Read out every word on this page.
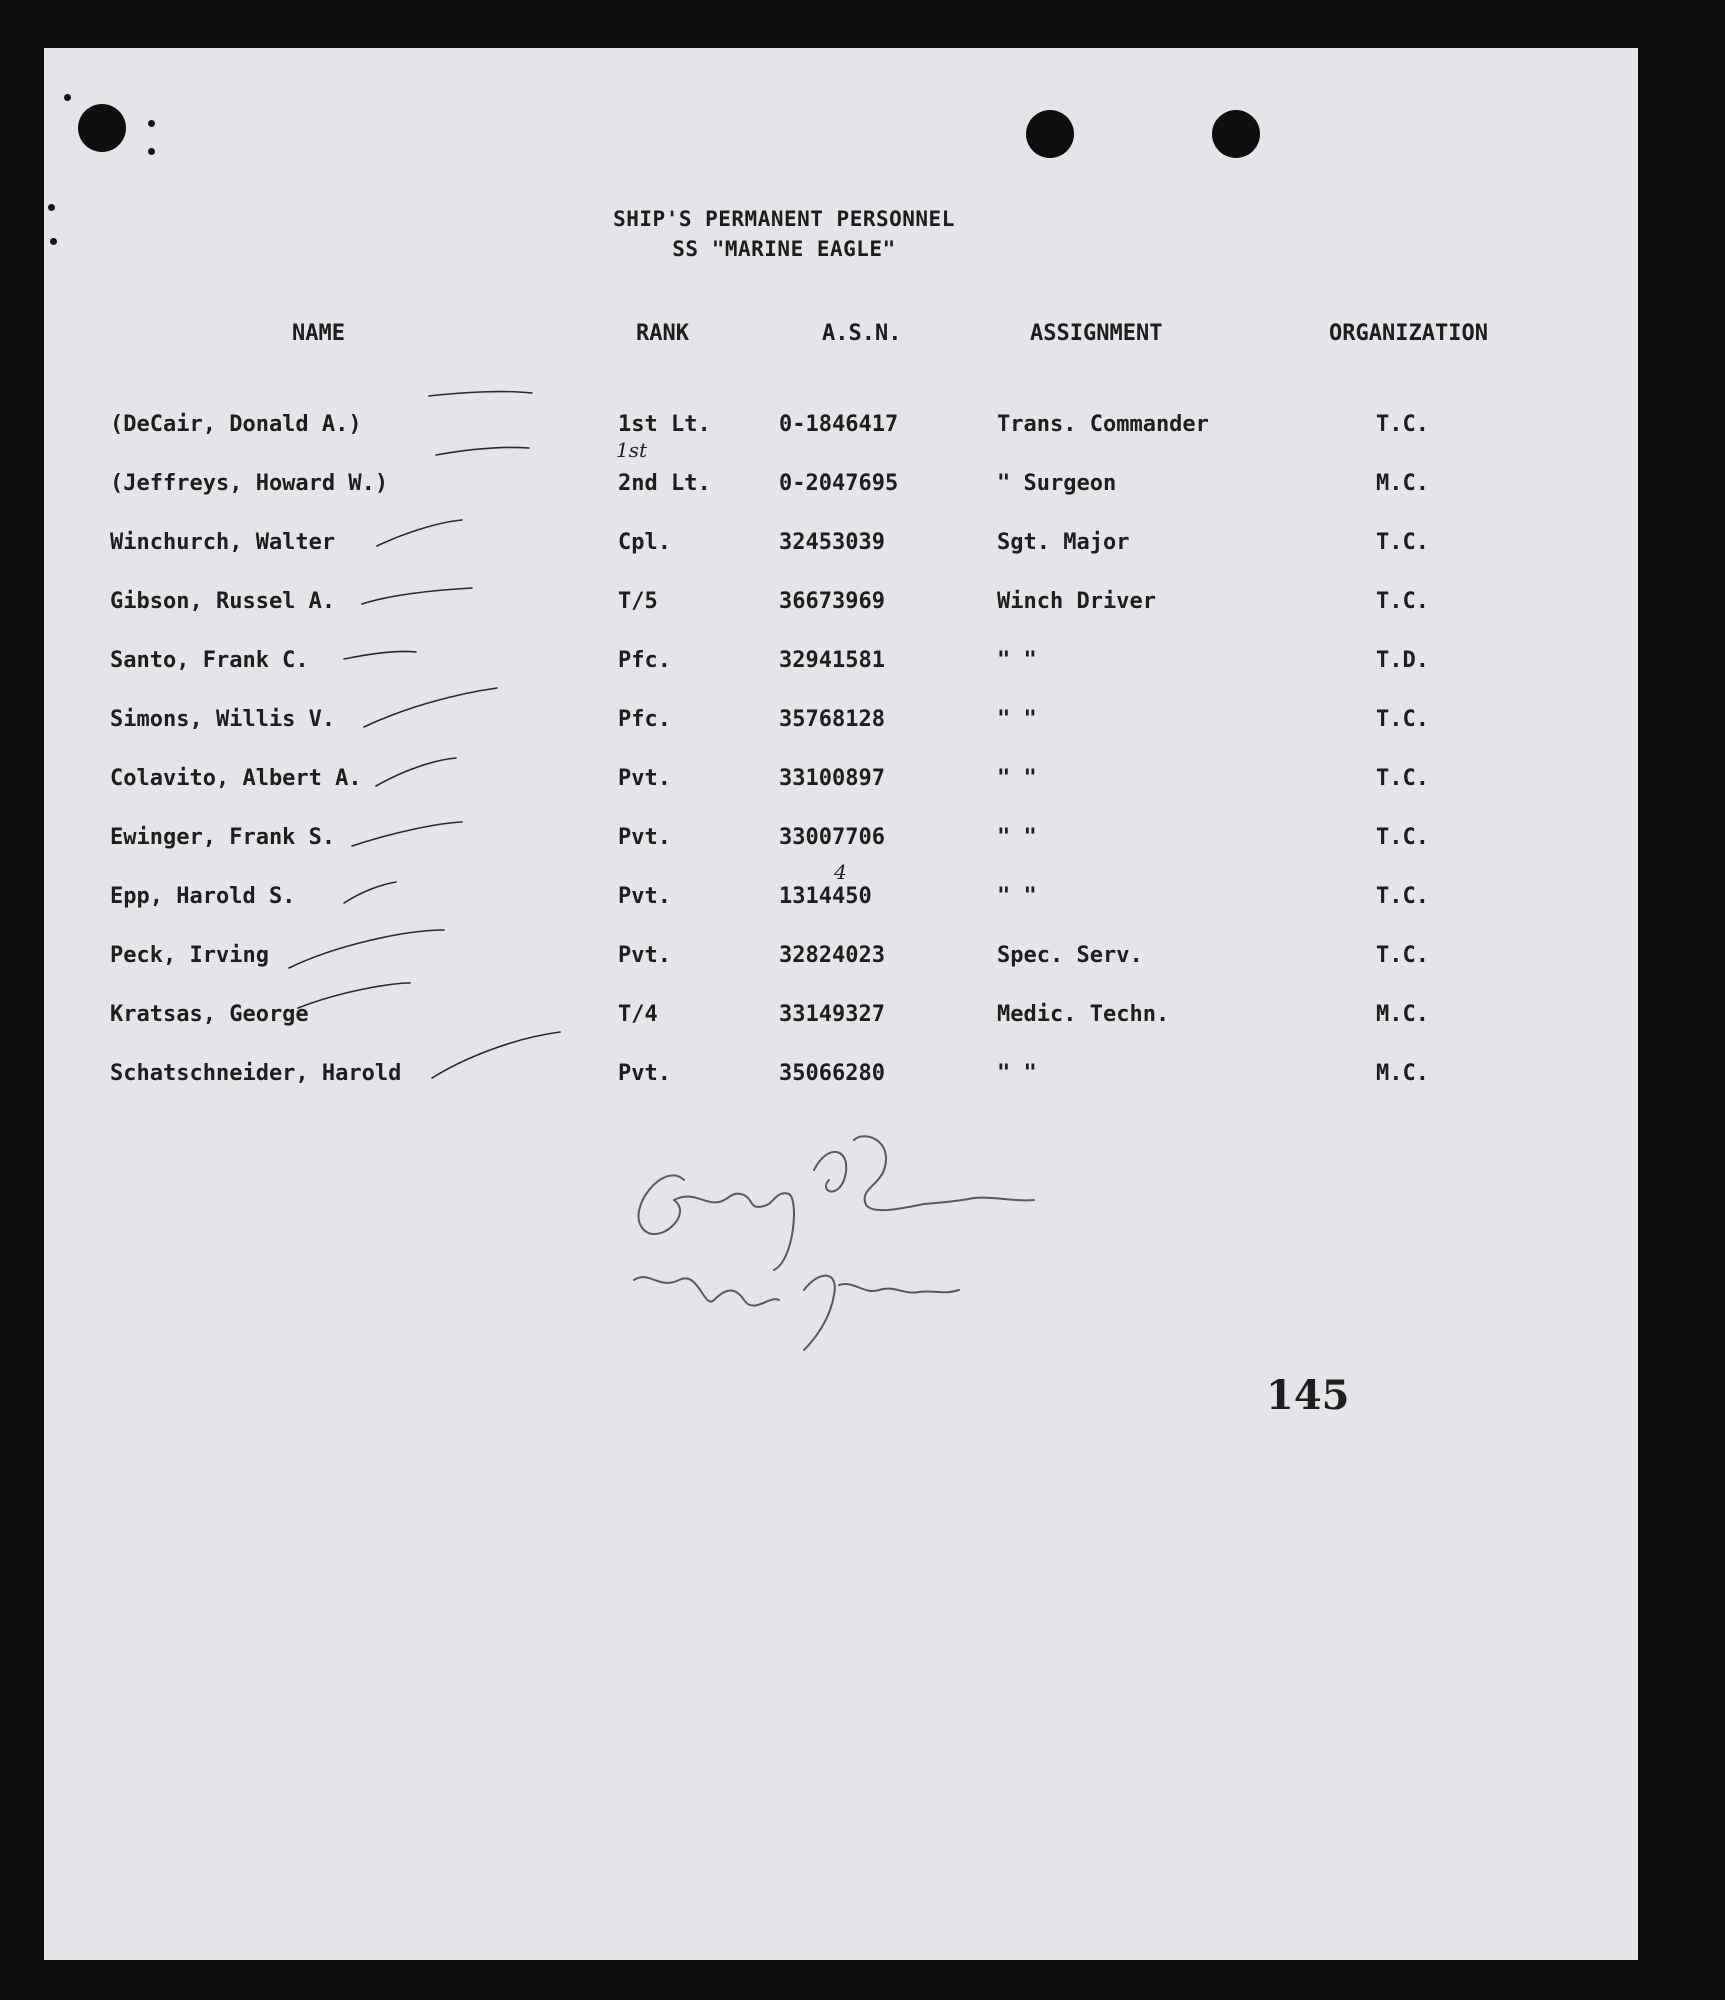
SHIP'S PERMANENT PERSONNEL
SS "MARINE EAGLE"
NAME	RANK	A.S.N.	ASSIGNMENT	ORGANIZATION
(DeCair, Donald A.)	1st Lt.	0-1846417	Trans. Commander	T.C.
(Jeffreys, Howard W.)	2nd Lt.	0-2047695	" Surgeon	M.C.
Winchurch, Walter	Cpl.	32453039	Sgt. Major	T.C.
Gibson, Russel A.	T/5	36673969	Winch Driver	T.C.
Santo, Frank C.	Pfc.	32941581	" "	T.D.
Simons, Willis V.	Pfc.	35768128	" "	T.C.
Colavito, Albert A.	Pvt.	33100897	" "	T.C.
Ewinger, Frank S.	Pvt.	33007706	" "	T.C.
Epp, Harold S.	Pvt.	1314450	" "	T.C.
Peck, Irving	Pvt.	32824023	Spec. Serv.	T.C.
Kratsas, George	T/4	33149327	Medic. Techn.	M.C.
Schatschneider, Harold	Pvt.	35066280	" "	M.C.
1st
4
145
